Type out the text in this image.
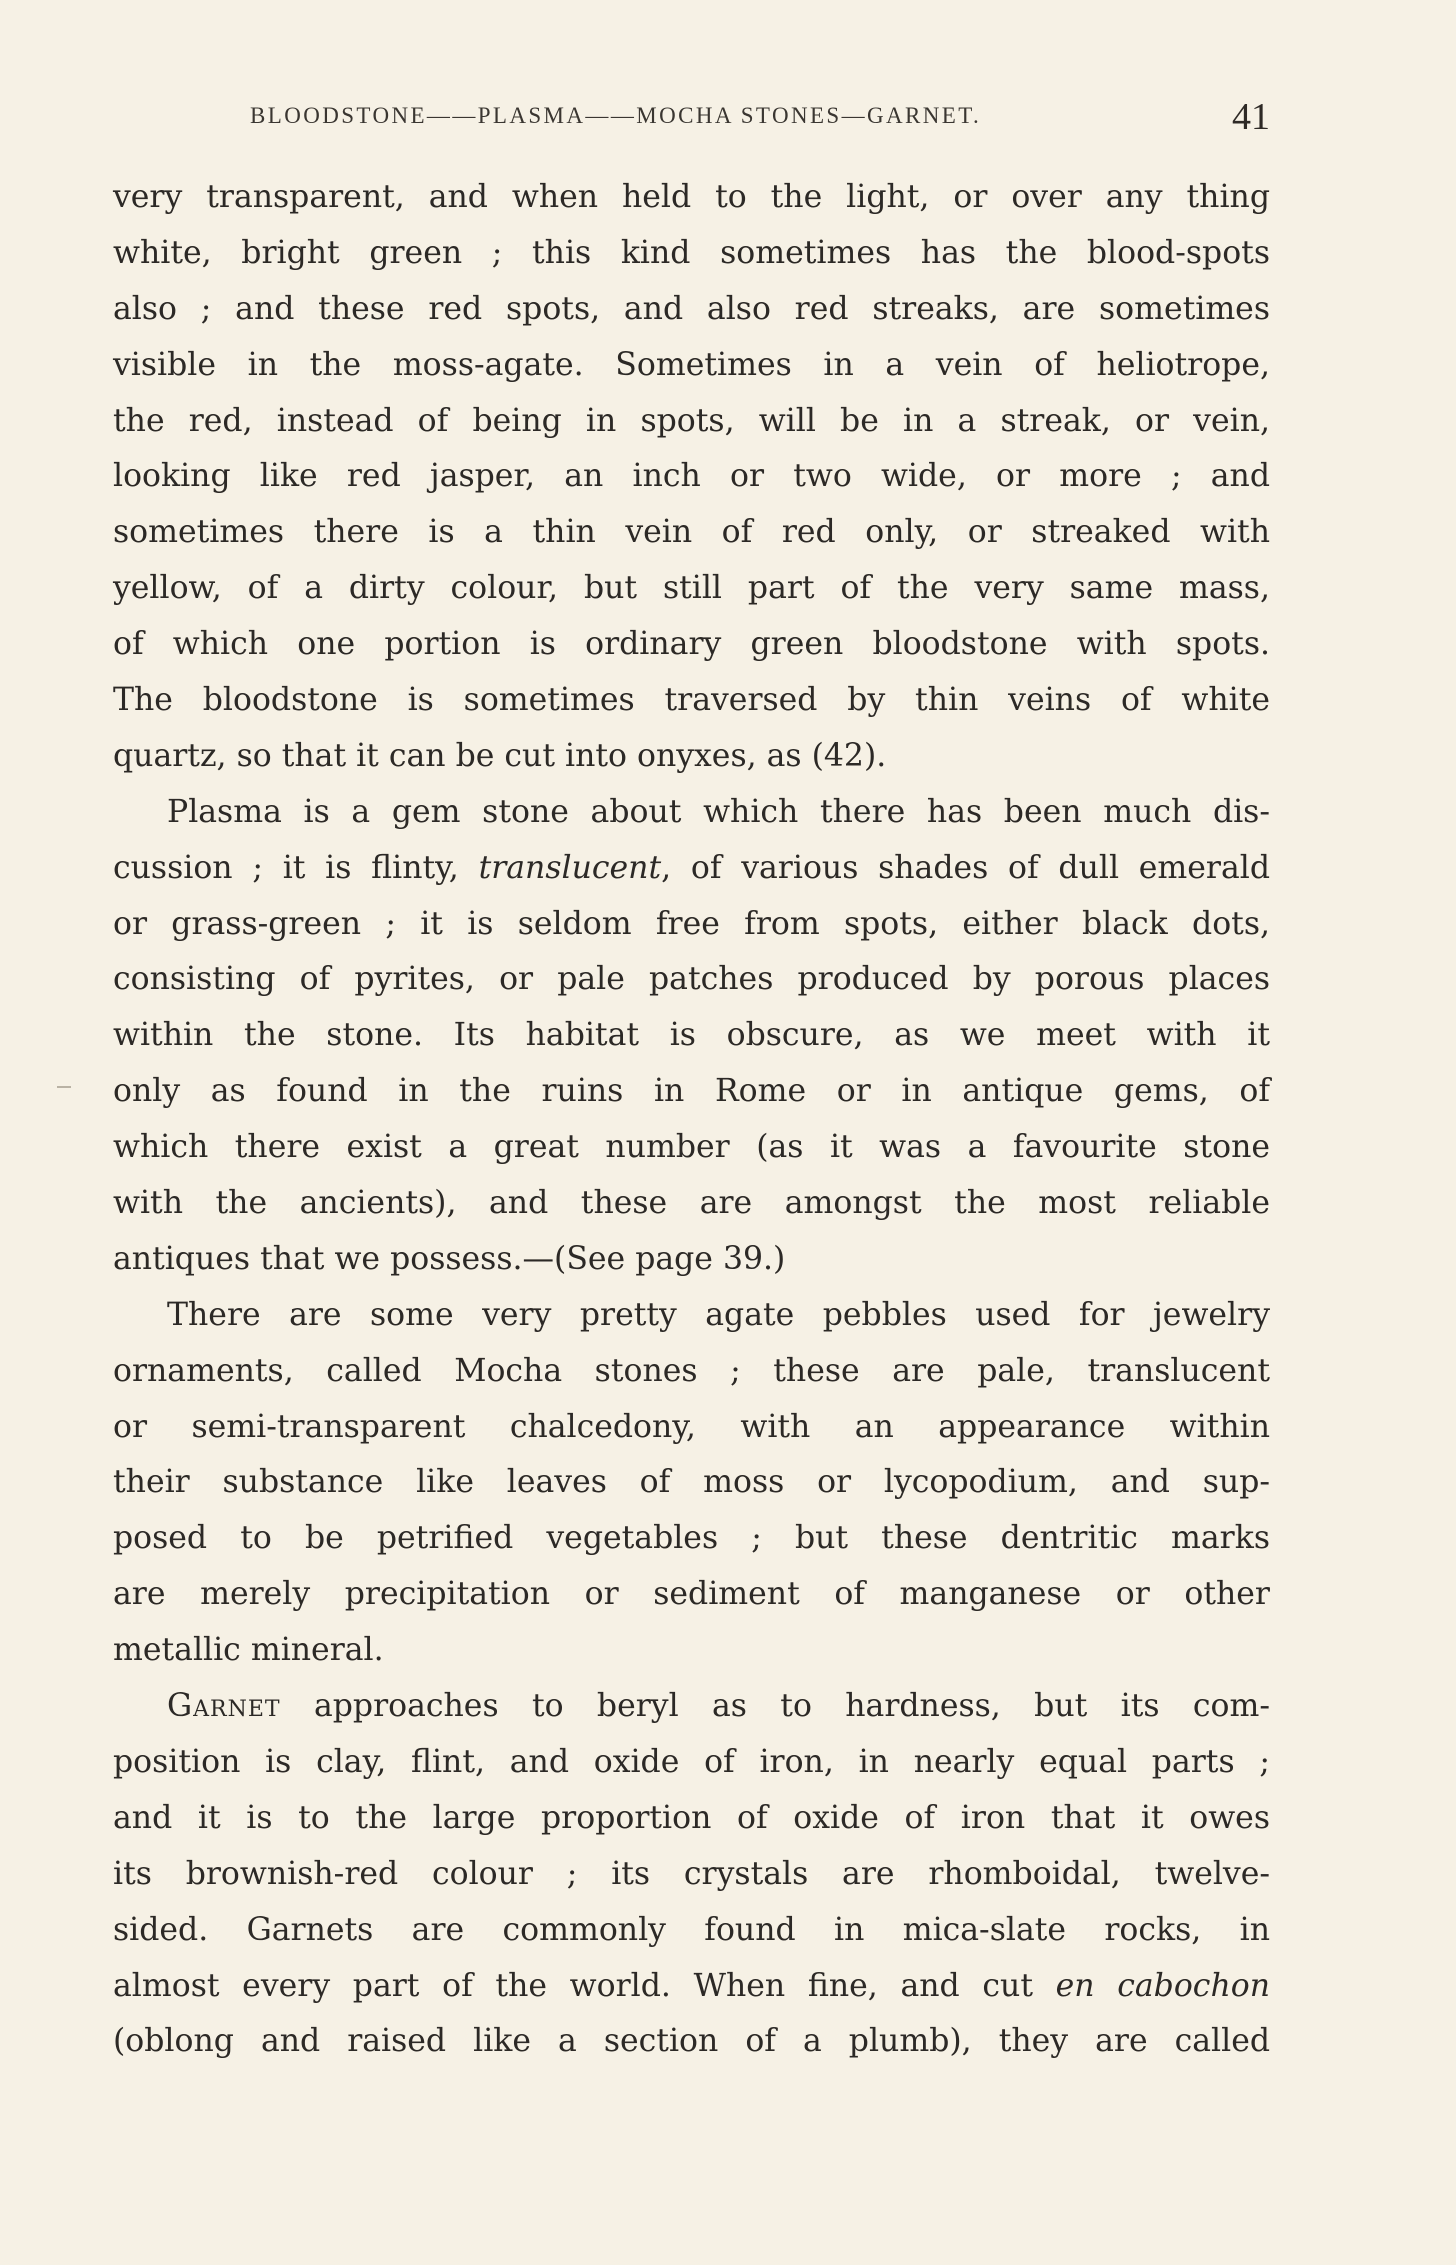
BLOODSTONE——PLASMA——MOCHA STONES—GARNET.	41
very transparent, and when held to the light, or over any thing
white, bright green ; this kind sometimes has the blood-spots
also ; and these red spots, and also red streaks, are sometimes
visible in the moss-agate. Sometimes in a vein of heliotrope,
the red, instead of being in spots, will be in a streak, or vein,
looking like red jasper, an inch or two wide, or more ; and
sometimes there is a thin vein of red only, or streaked with
yellow, of a dirty colour, but still part of the very same mass,
of which one portion is ordinary green bloodstone with spots.
The bloodstone is sometimes traversed by thin veins of white
quartz, so that it can be cut into onyxes, as (42).
Plasma is a gem stone about which there has been much dis-
cussion ; it is flinty, translucent, of various shades of dull emerald
or grass-green ; it is seldom free from spots, either black dots,
consisting of pyrites, or pale patches produced by porous places
within the stone. Its habitat is obscure, as we meet with it
only as found in the ruins in Rome or in antique gems, of
which there exist a great number (as it was a favourite stone
with the ancients), and these are amongst the most reliable
antiques that we possess.—(See page 39.)
There are some very pretty agate pebbles used for jewelry
ornaments, called Mocha stones ; these are pale, translucent
or semi-transparent chalcedony, with an appearance within
their substance like leaves of moss or lycopodium, and sup-
posed to be petrified vegetables ; but these dentritic marks
are merely precipitation or sediment of manganese or other
metallic mineral.
Garnet approaches to beryl as to hardness, but its com-
position is clay, flint, and oxide of iron, in nearly equal parts ;
and it is to the large proportion of oxide of iron that it owes
its brownish-red colour ; its crystals are rhomboidal, twelve-
sided. Garnets are commonly found in mica-slate rocks, in
almost every part of the world. When fine, and cut en cabochon
(oblong and raised like a section of a plumb), they are called
